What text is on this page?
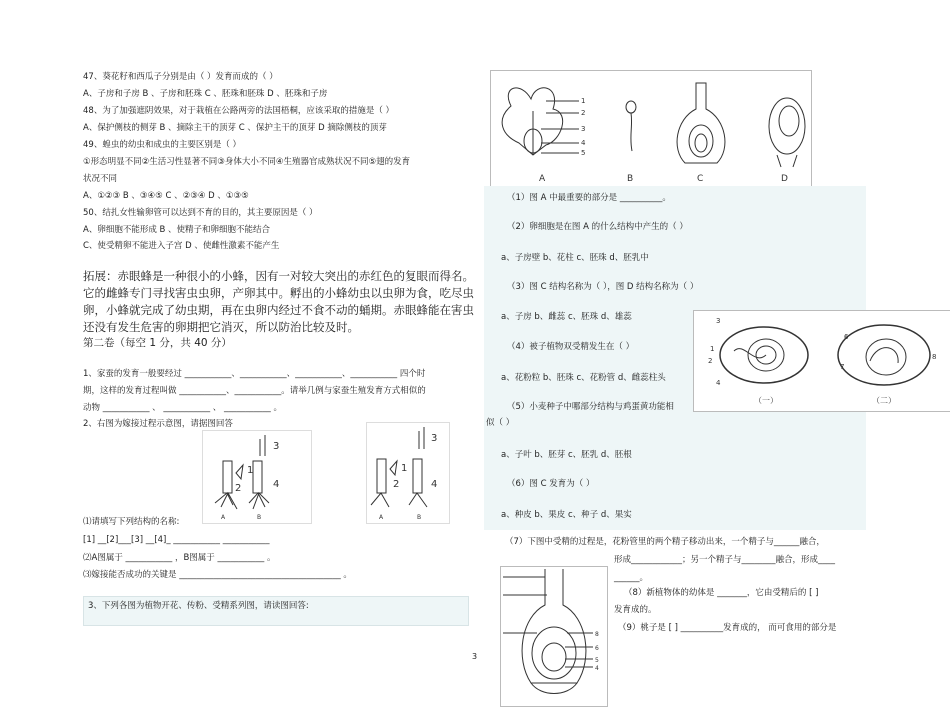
47、葵花籽和西瓜子分别是由（ ）发育而成的（ ）
A、子房和子房 B 、子房和胚珠 C 、胚珠和胚珠 D 、胚珠和子房
48、为了加强遮阴效果，对于栽植在公路两旁的法国梧桐，应该采取的措施是（ ）
A、保护侧枝的侧芽 B 、摘除主干的顶芽 C 、保护主干的顶芽 D 摘除侧枝的顶芽
49、蝗虫的幼虫和成虫的主要区别是（ ）
①形态明显不同②生活习性显著不同③身体大小不同④生殖器官成熟状况不同⑤翅的发育
状况不同
A、①②③ B 、③④⑤ C 、②③④ D 、①③⑤
50、结扎女性输卵管可以达到不育的目的，其主要原因是（ ）
A、卵细胞不能形成 B 、使精子和卵细胞不能结合
C、使受精卵不能进入子宫 D 、使雌性激素不能产生
拓展：赤眼蜂是一种很小的小蜂，因有一对较大突出的赤红色的复眼而得名。
它的雌蜂专门寻找害虫虫卵，产卵其中。孵出的小蜂幼虫以虫卵为食，吃尽虫
卵，小蜂就完成了幼虫期，再在虫卵内经过不食不动的蛹期。赤眼蜂能在害虫
还没有发生危害的卵期把它消灭，所以防治比较及时。
第二卷（每空 1 分，共 40 分）
1、家蚕的发育一般要经过 ___________、___________、___________、___________ 四个时
期，这样的发育过程叫做 ___________、___________。请举几例与家蚕生殖发育方式相似的
动物 ___________ 、 ___________ 、 ___________ 。
2、右图为嫁接过程示意图，请据图回答
3
1
2	4
A	B
3
1
2	4
A	B
⑴请填写下列结构的名称:
[1] __[2]___[3] __[4]_ ___________ ___________
⑵A图属于 ___________ ，B图属于 ___________ 。
⑶嫁接能否成功的关键是 ______________________________________ 。
3、下列各图为植物开花、传粉、受精系列图，请读图回答:
3
1
2
3
4
5
A	B	C	D
（1）图 A 中最重要的部分是 __________。
（2）卵细胞是在图 A 的什么结构中产生的（ ）
a、子房壁 b、花柱 c、胚珠 d、胚乳中
（3）图 C 结构名称为（ ），图 D 结构名称为（ ）
a、子房 b、雌蕊 c、胚珠 d、雄蕊
（4）被子植物双受精发生在（ ）
a、花粉粒 b、胚珠 c、花粉管 d、雌蕊柱头
（5）小麦种子中哪部分结构与鸡蛋黄功能相
似（ ）
a、子叶 b、胚芽 c、胚乳 d、胚根
（6）图 C 发育为（ ）
a、种皮 b、果皮 c、种子 d、果实
3
1
2
4
6
7
8
（一）	（二）
（7）下图中受精的过程是，花粉管里的两个精子移动出来，一个精子与______融合，
形成____________；另一个精子与________融合，形成____
______。
8
6
5
4
（8）新植物体的幼体是 _______，它由受精后的 [ ]
发育成的。
（9）桃子是 [ ] __________发育成的， 而可食用的部分是
